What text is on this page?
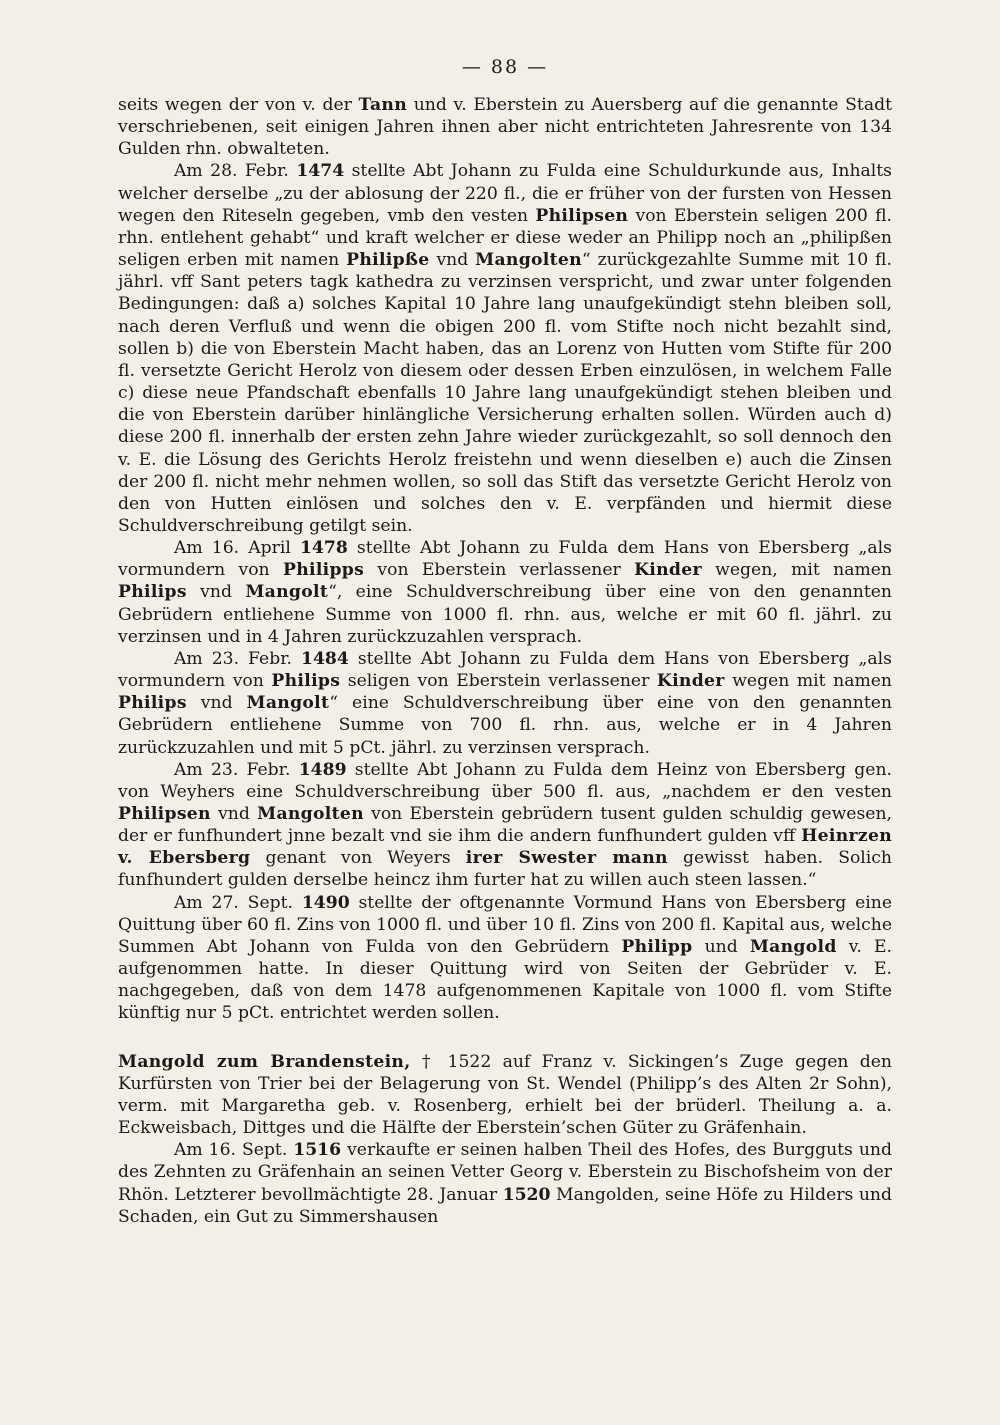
— 88 —

seits wegen der von v. der Tann und v. Eberstein zu Auersberg auf die genannte Stadt verschriebenen, seit einigen Jahren ihnen aber nicht entrichteten Jahresrente von 134 Gulden rhn. obwalteten.

Am 28. Febr. 1474 stellte Abt Johann zu Fulda eine Schuldurkunde aus, Inhalts welcher derselbe „zu der ablosung der 220 fl., die er früher von der fursten von Hessen wegen den Riteseln gegeben, vmb den vesten Philipsen von Eberstein seligen 200 fl. rhn. entlehent gehabt“ und kraft welcher er diese weder an Philipp noch an „philipßen seligen erben mit namen Philipße vnd Mangolten“ zurückgezahlte Summe mit 10 fl. jährl. vff Sant peters tagk kathedra zu verzinsen verspricht, und zwar unter folgenden Bedingungen: daß a) solches Kapital 10 Jahre lang unaufgekündigt stehn bleiben soll, nach deren Verfluß und wenn die obigen 200 fl. vom Stifte noch nicht bezahlt sind, sollen b) die von Eberstein Macht haben, das an Lorenz von Hutten vom Stifte für 200 fl. versetzte Gericht Herolz von diesem oder dessen Erben einzulösen, in welchem Falle c) diese neue Pfandschaft ebenfalls 10 Jahre lang unaufgekündigt stehen bleiben und die von Eberstein darüber hinlängliche Versicherung erhalten sollen. Würden auch d) diese 200 fl. innerhalb der ersten zehn Jahre wieder zurückgezahlt, so soll dennoch den v. E. die Lösung des Gerichts Herolz freistehn und wenn dieselben e) auch die Zinsen der 200 fl. nicht mehr nehmen wollen, so soll das Stift das versetzte Gericht Herolz von den von Hutten einlösen und solches den v. E. verpfänden und hiermit diese Schuldverschreibung getilgt sein.

Am 16. April 1478 stellte Abt Johann zu Fulda dem Hans von Ebersberg „als vormundern von Philipps von Eberstein verlassener Kinder wegen, mit namen Philips vnd Mangolt“, eine Schuldverschreibung über eine von den genannten Gebrüdern entliehene Summe von 1000 fl. rhn. aus, welche er mit 60 fl. jährl. zu verzinsen und in 4 Jahren zurückzuzahlen versprach.

Am 23. Febr. 1484 stellte Abt Johann zu Fulda dem Hans von Ebersberg „als vormundern von Philips seligen von Eberstein verlassener Kinder wegen mit namen Philips vnd Mangolt“ eine Schuldverschreibung über eine von den genannten Gebrüdern entliehene Summe von 700 fl. rhn. aus, welche er in 4 Jahren zurückzuzahlen und mit 5 pCt. jährl. zu verzinsen versprach.

Am 23. Febr. 1489 stellte Abt Johann zu Fulda dem Heinz von Ebersberg gen. von Weyhers eine Schuldverschreibung über 500 fl. aus, „nachdem er den vesten Philipsen vnd Mangolten von Eberstein gebrüdern tusent gulden schuldig gewesen, der er funfhundert jnne bezalt vnd sie ihm die andern funfhundert gulden vff Heinrzen v. Ebersberg genant von Weyers irer Swester mann gewisst haben. Solich funfhundert gulden derselbe heincz ihm furter hat zu willen auch steen lassen.“

Am 27. Sept. 1490 stellte der oftgenannte Vormund Hans von Ebersberg eine Quittung über 60 fl. Zins von 1000 fl. und über 10 fl. Zins von 200 fl. Kapital aus, welche Summen Abt Johann von Fulda von den Gebrüdern Philipp und Mangold v. E. aufgenommen hatte. In dieser Quittung wird von Seiten der Gebrüder v. E. nachgegeben, daß von dem 1478 aufgenommenen Kapitale von 1000 fl. vom Stifte künftig nur 5 pCt. entrichtet werden sollen.

Mangold zum Brandenstein, † 1522 auf Franz v. Sickingen’s Zuge gegen den Kurfürsten von Trier bei der Belagerung von St. Wendel (Philipp’s des Alten 2r Sohn), verm. mit Margaretha geb. v. Rosenberg, erhielt bei der brüderl. Theilung a. a. Eckweisbach, Dittges und die Hälfte der Eberstein’schen Güter zu Gräfenhain.

Am 16. Sept. 1516 verkaufte er seinen halben Theil des Hofes, des Burgguts und des Zehnten zu Gräfenhain an seinen Vetter Georg v. Eberstein zu Bischofsheim von der Rhön. Letzterer bevollmächtigte 28. Januar 1520 Mangolden, seine Höfe zu Hilders und Schaden, ein Gut zu Simmershausen
